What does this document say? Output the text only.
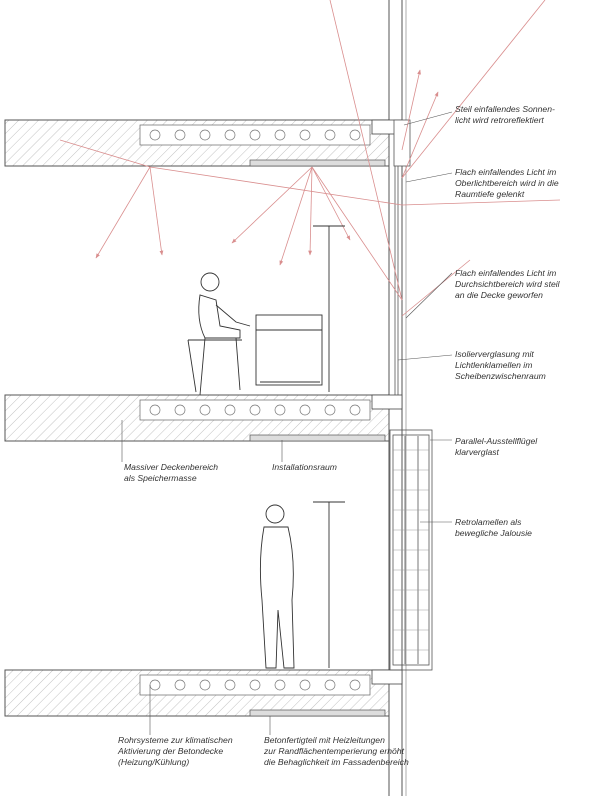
Steil einfallendes Sonnen-
licht wird retroreflektiert
Flach einfallendes Licht im
Oberlichtbereich wird in die
Raumtiefe gelenkt
Flach einfallendes Licht im
Durchsichtbereich wird steil
an die Decke geworfen
Isolierverglasung mit
Lichtlenklamellen im
Scheibenzwischenraum
Parallel-Ausstellflügel
klarverglast
Retrolamellen als
bewegliche Jalousie
Massiver Deckenbereich
als Speichermasse
Installationsraum
Rohrsysteme zur klimatischen
Aktivierung der Betondecke
(Heizung/Kühlung)
Betonfertigteil mit Heizleitungen
zur Randflächentemperierung erhöht
die Behaglichkeit im Fassadenbereich
